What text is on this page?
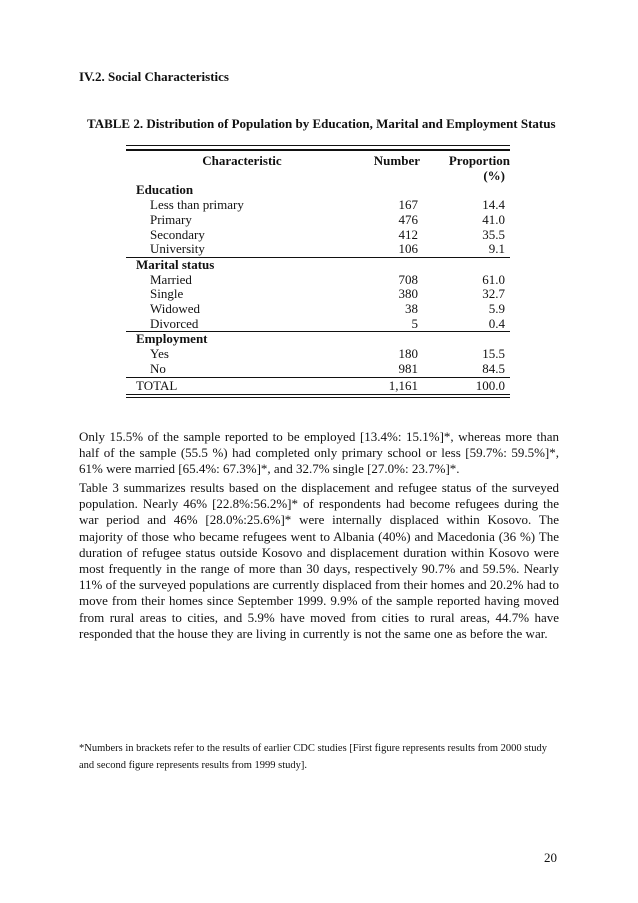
IV.2. Social Characteristics
TABLE 2. Distribution of Population by Education, Marital and Employment Status

Characteristic	Number	Proportion
(%)
Education		
Less than primary	167	14.4
Primary	476	41.0
Secondary	412	35.5
University	106	9.1
Marital status		
Married	708	61.0
Single	380	32.7
Widowed	38	5.9
Divorced	5	0.4
Employment		
Yes	180	15.5
No	981	84.5
TOTAL	1,161	100.0

Only 15.5% of the sample reported to be employed [13.4%: 15.1%]*, whereas more than half of the sample (55.5 %) had completed only primary school or less [59.7%: 59.5%]*, 61% were married [65.4%: 67.3%]*, and 32.7% single [27.0%: 23.7%]*.

Table 3 summarizes results based on the displacement and refugee status of the surveyed population. Nearly 46% [22.8%:56.2%]* of respondents had become refugees during the war period and 46% [28.0%:25.6%]* were internally displaced within Kosovo. The majority of those who became refugees went to Albania (40%) and Macedonia (36 %) The duration of refugee status outside Kosovo and displacement duration within Kosovo were most frequently in the range of more than 30 days, respectively 90.7% and 59.5%. Nearly 11% of the surveyed populations are currently displaced from their homes and 20.2% had to move from their homes since September 1999. 9.9% of the sample reported having moved from rural areas to cities, and 5.9% have moved from cities to rural areas, 44.7% have responded that the house they are living in currently is not the same one as before the war.

*Numbers in brackets refer to the results of earlier CDC studies [First figure represents results from 2000 study and second figure represents results from 1999 study].

20
